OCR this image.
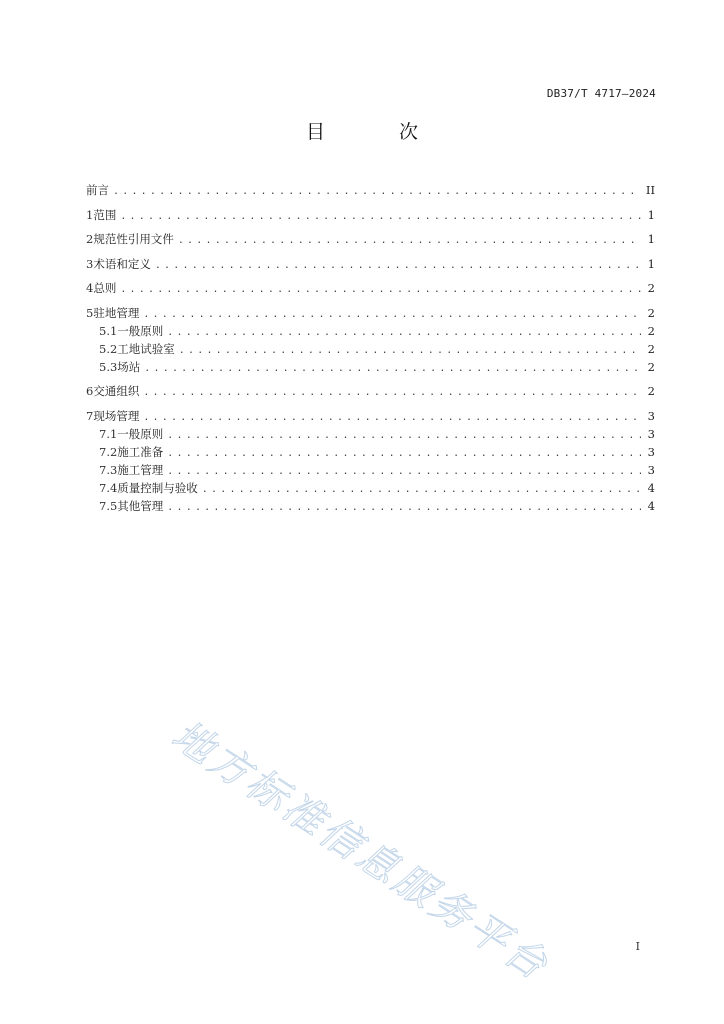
DB37/T 4717—2024
目 次
前言 .....	II
1 范围 .....	1
2 规范性引用文件 .....	1
3 术语和定义 .....	1
4 总则 .....	2
5 驻地管理 .....	2
5.1 一般原则 .....	2
5.2 工地试验室 .....	2
5.3 场站 .....	2
6 交通组织 .....	2
7 现场管理 .....	3
7.1 一般原则 .....	3
7.2 施工准备 .....	3
7.3 施工管理 .....	3
7.4 质量控制与验收 .....	4
7.5 其他管理 .....	4
地方标准信息服务平台	I
